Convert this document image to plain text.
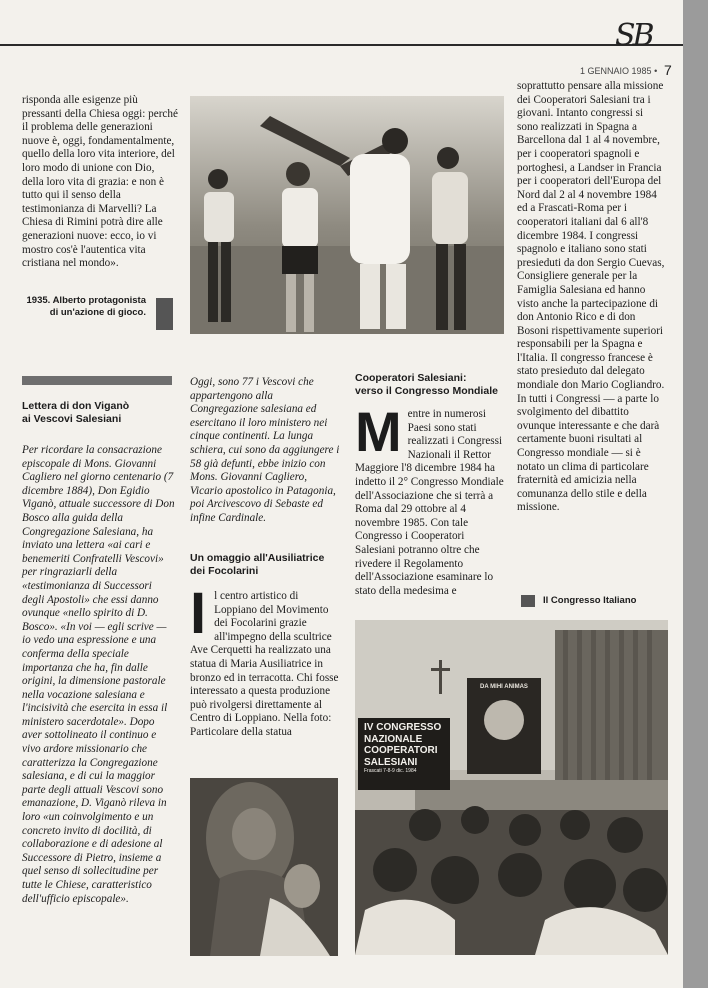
SB
1 GENNAIO 1985 • 7

risponda alle esigenze più pressanti della Chiesa oggi: perché il problema delle generazioni nuove è, oggi, fondamentalmente, quello della loro vita interiore, del loro modo di unione con Dio, della loro vita di grazia: e non è tutto qui il senso della testimonianza di Marvelli? La Chiesa di Rimini potrà dire alle generazioni nuove: ecco, io vi mostro cos'è l'autentica vita cristiana nel mondo».

1935. Alberto protagonista di un'azione di gioco.
Lettera di don Viganò
ai Vescovi Salesiani

Per ricordare la consacrazione episcopale di Mons. Giovanni Cagliero nel giorno centenario (7 dicembre 1884), Don Egidio Viganò, attuale successore di Don Bosco alla guida della Congregazione Salesiana, ha inviato una lettera «ai cari e benemeriti Confratelli Vescovi» per ringraziarli della «testimonianza di Successori degli Apostoli» che essi danno ovunque «nello spirito di D. Bosco». «In voi — egli scrive — io vedo una espressione e una conferma della speciale importanza che ha, fin dalle origini, la dimensione pastorale nella vocazione salesiana e l'incisività che esercita in essa il ministero sacerdotale». Dopo aver sottolineato il continuo e vivo ardore missionario che caratterizza la Congregazione salesiana, e di cui la maggior parte degli attuali Vescovi sono emanazione, D. Viganò rileva in loro «un coinvolgimento e un concreto invito di docilità, di collaborazione e di adesione al Successore di Pietro, insieme a quel senso di sollecitudine per tutte le Chiese, caratteristico dell'ufficio episcopale».

Oggi, sono 77 i Vescovi che appartengono alla Congregazione salesiana ed esercitano il loro ministero nei cinque continenti. La lunga schiera, cui sono da aggiungere i 58 già defunti, ebbe inizio con Mons. Giovanni Cagliero, Vicario apostolico in Patagonia, poi Arcivescovo di Sebaste ed infine Cardinale.

Un omaggio all'Ausiliatrice
dei Focolarini
I l centro artistico di Loppiano del Movimento dei Focolarini grazie all'impegno della scultrice Ave Cerquetti ha realizzato una statua di Maria Ausiliatrice in bronzo ed in terracotta. Chi fosse interessato a questa produzione può rivolgersi direttamente al Centro di Loppiano. Nella foto: Particolare della statua

Cooperatori Salesiani:
verso il Congresso Mondiale
M entre in numerosi Paesi sono stati realizzati i Congressi Nazionali il Rettor Maggiore l'8 dicembre 1984 ha indetto il 2° Congresso Mondiale dell'Associazione che si terrà a Roma dal 29 ottobre al 4 novembre 1985. Con tale Congresso i Cooperatori Salesiani potranno oltre che rivedere il Regolamento dell'Associazione esaminare lo stato della medesima e

soprattutto pensare alla missione dei Cooperatori Salesiani tra i giovani. Intanto congressi si sono realizzati in Spagna a Barcellona dal 1 al 4 novembre, per i cooperatori spagnoli e portoghesi, a Landser in Francia per i cooperatori dell'Europa del Nord dal 2 al 4 novembre 1984 ed a Frascati-Roma per i cooperatori italiani dal 6 all'8 dicembre 1984. I congressi spagnolo e italiano sono stati presieduti da don Sergio Cuevas, Consigliere generale per la Famiglia Salesiana ed hanno visto anche la partecipazione di don Antonio Rico e di don Bosoni rispettivamente superiori responsabili per la Spagna e l'Italia. Il congresso francese è stato presieduto dal delegato mondiale don Mario Cogliandro. In tutti i Congressi — a parte lo svolgimento del dibattito ovunque interessante e che darà certamente buoni risultati al Congresso mondiale — si è notato un clima di particolare fraternità ed amicizia nella comunanza dello stile e della missione.

Il Congresso Italiano
IV CONGRESSO
NAZIONALE
COOPERATORI
SALESIANI
Frascati 7-8-9 dic. 1984
DA MIHI ANIMAS
